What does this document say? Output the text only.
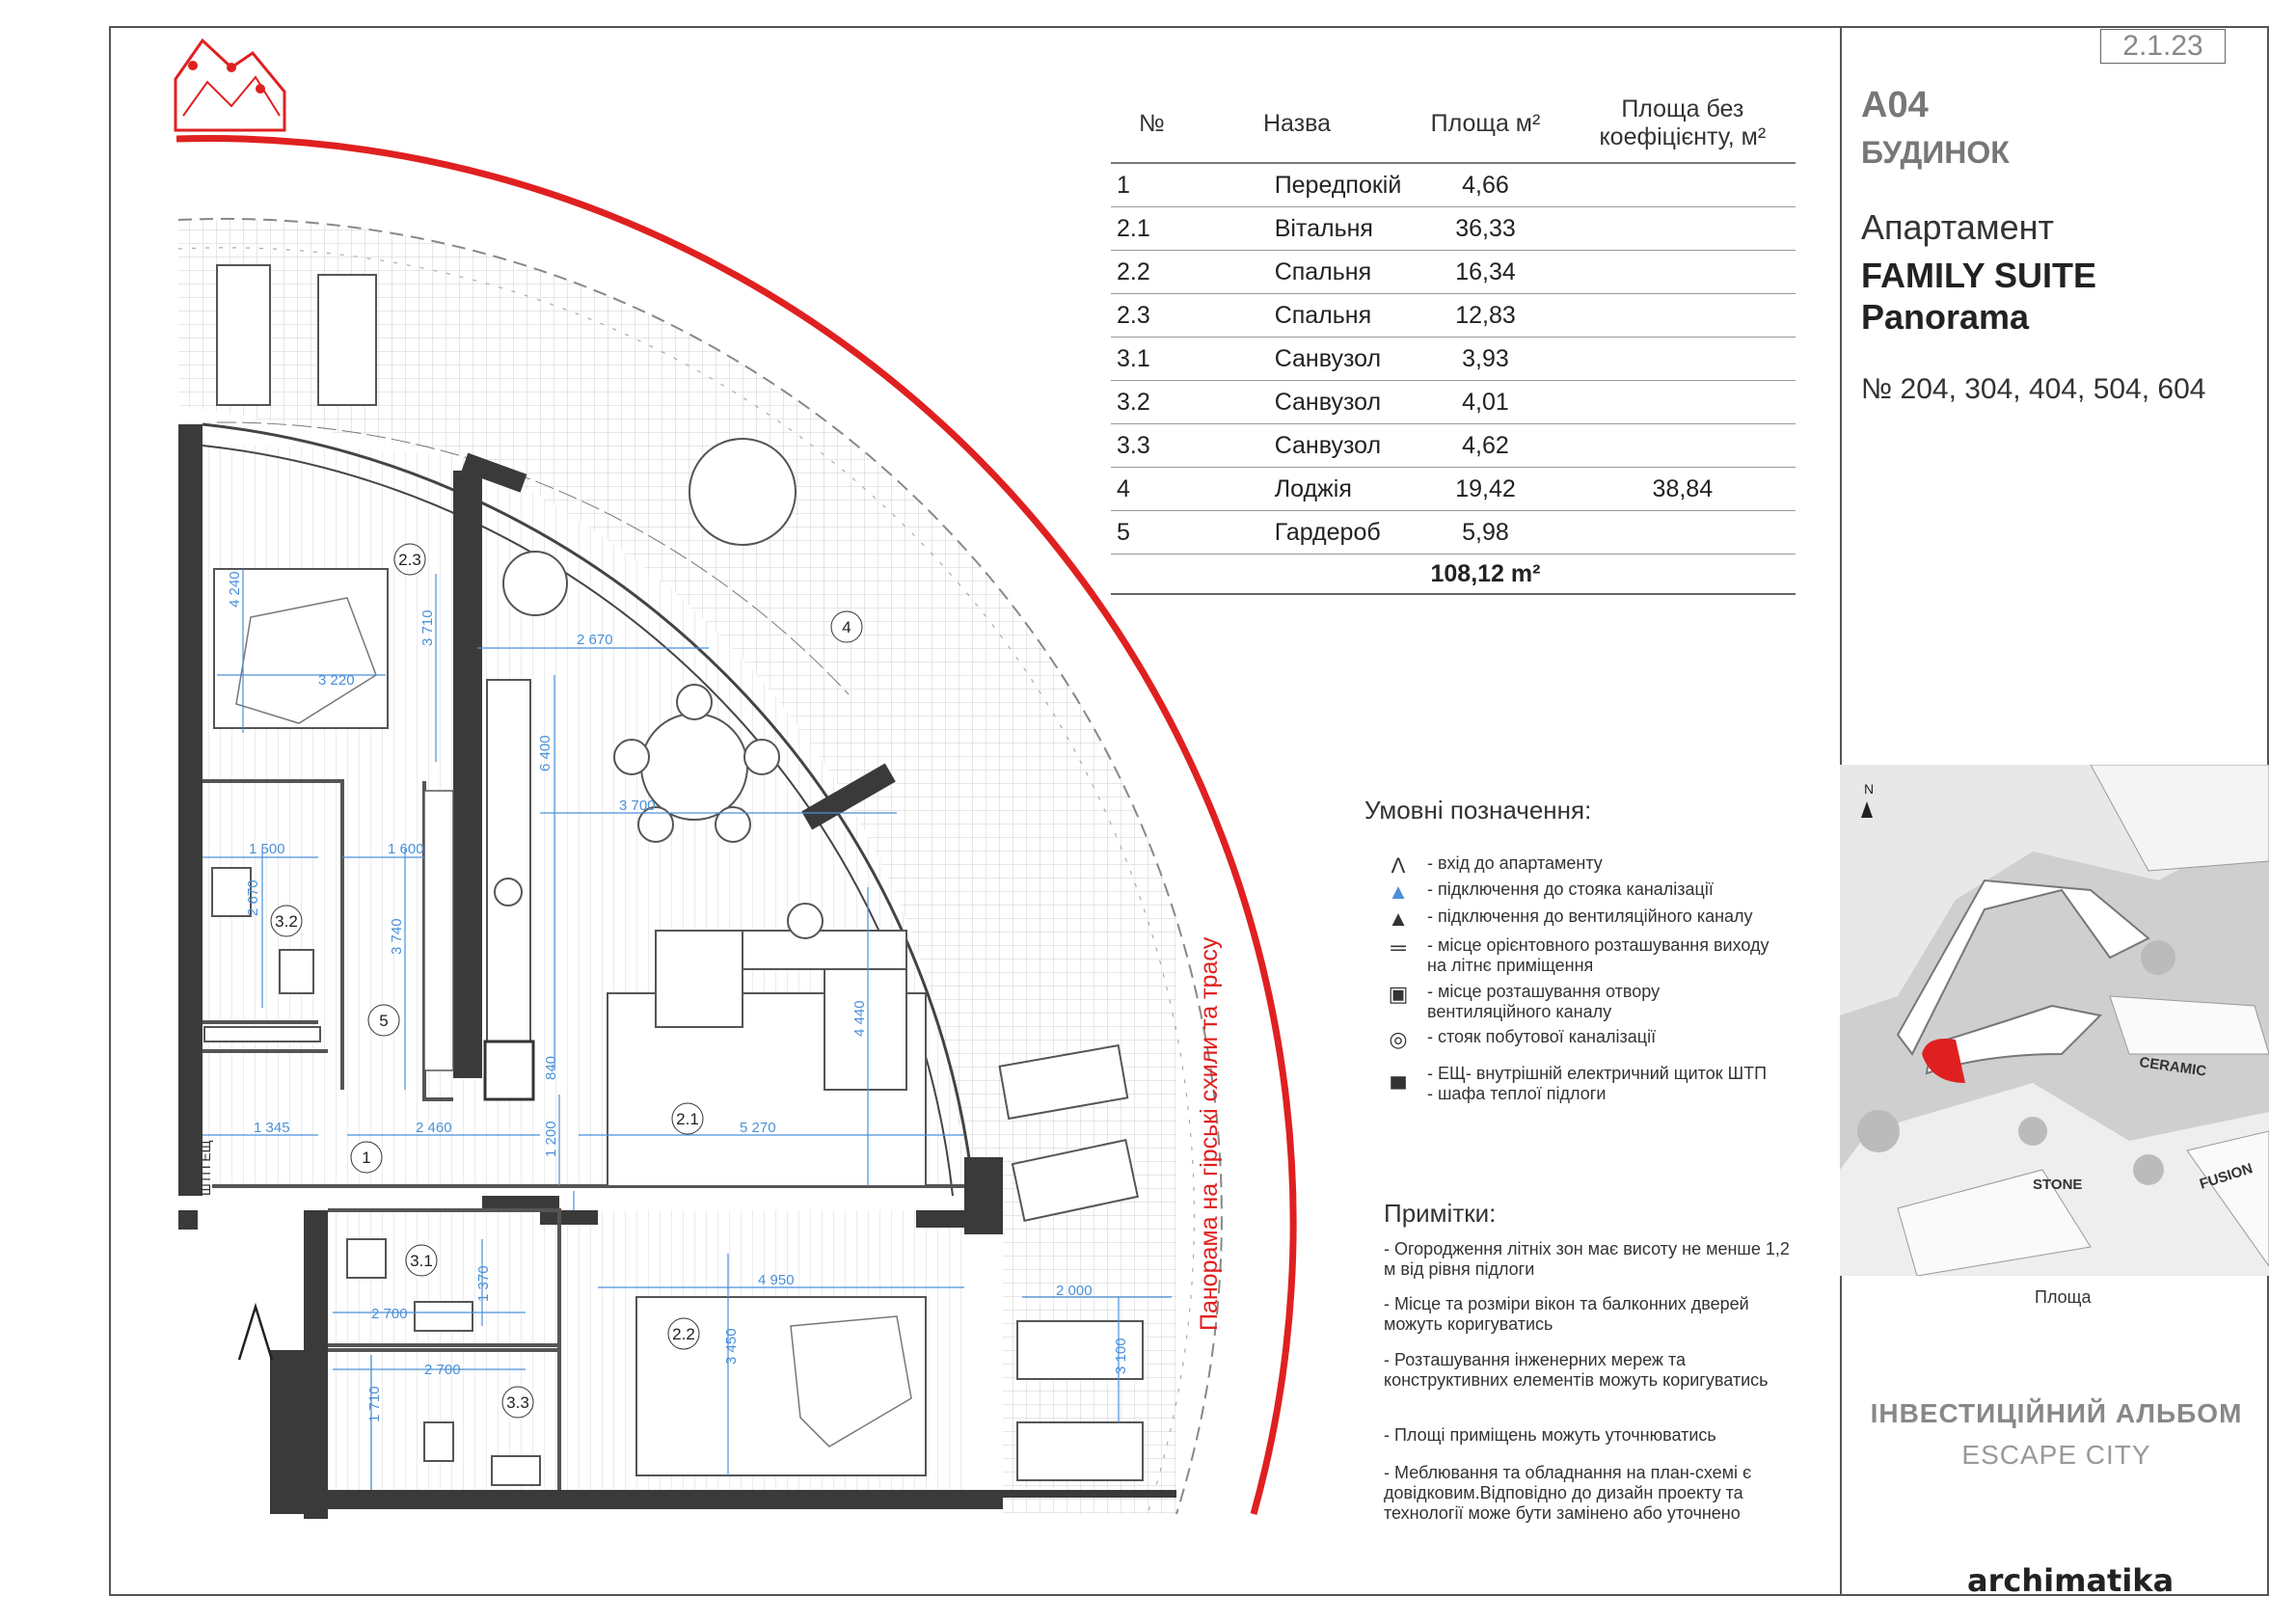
2.1.23
4 240
3 220
3 710	2 670
6 400
3 700
1 500	1 600
2 670
3 740
4 440
840
1 345	2 460	1 200	5 270
4 950
1 370
2 700
2 700
1 710
3 450
2 000
3 100
2.3
4
3.2
5
2.1
1
3.1
2.2
3.3
ШТП ЕЩ	Панорама на гірські схили та трасу
№	Назва	Площа м²	Площа без коефіцієнту, м²
1	Передпокій	4,66	
2.1	Вітальня	36,33	
2.2	Спальня	16,34	
2.3	Спальня	12,83	
3.1	Санвузол	3,93	
3.2	Санвузол	4,01	
3.3	Санвузол	4,62	
4	Лоджія	19,42	38,84
5	Гардероб	5,98	
		108,12 m²	
A04
БУДИНОК
Апартамент
FAMILY SUITE
Panorama
№ 204, 304, 404, 504, 604
N
CERAMIC
STONE	FUSION
Площа
Умовні позначення:
Λ - вхід до апартаменту
▲ - підключення до стояка каналізації
▲ - підключення до вентиляційного каналу
═ - місце орієнтовного розташування виходу на літнє приміщення
▣ - місце розташування отвору вентиляційного каналу
◎ - стояк побутової каналізації
▄ - ЕЩ- внутрішній електричний щиток ШТП - шафа теплої підлоги
Примітки:
- Огородження літніх зон має висоту не менше 1,2 м від рівня підлоги
- Місце та розміри вікон та балконних дверей можуть коригуватись
- Розташування інженерних мереж та конструктивних елементів можуть коригуватись
- Площі приміщень можуть уточнюватись
- Меблювання та обладнання на план-схемі є довідковим.Відповідно до дизайн проекту та технології може бути замінено або уточнено
ІНВЕСТИЦІЙНИЙ АЛЬБОМ
ESCAPE CITY
archimatika
